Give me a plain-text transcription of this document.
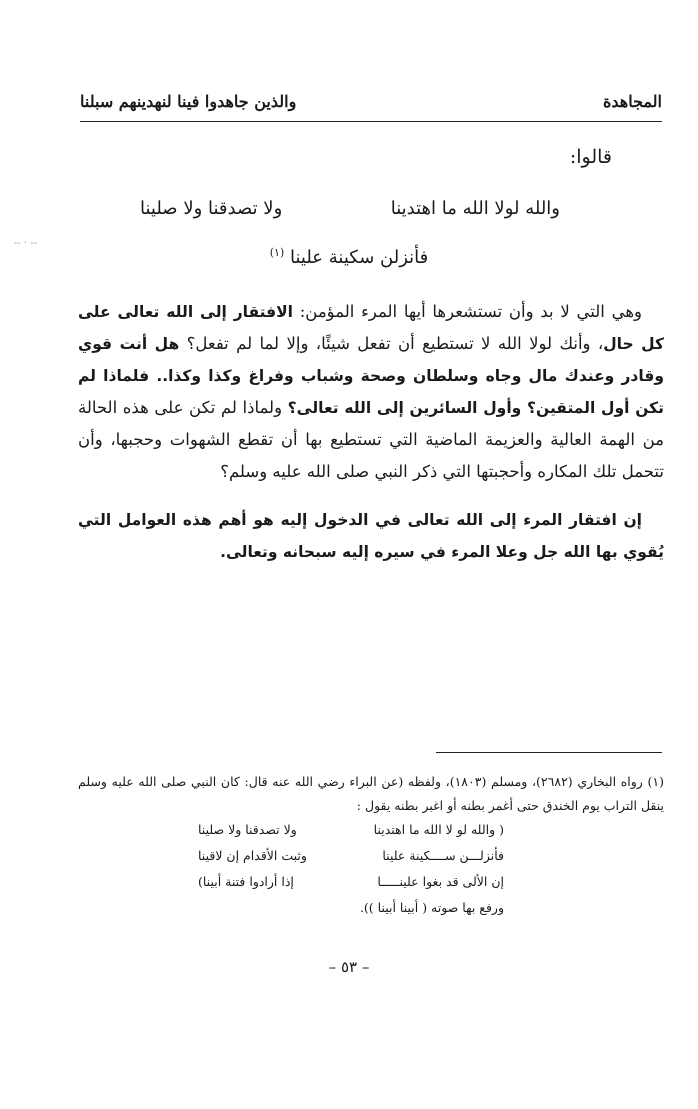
المجاهدة
والذين جاهدوا فينا لنهدينهم سبلنا
قالوا:
والله لولا الله ما اهتدينا
ولا تصدقنا ولا صلينا
فأنزلن سكينة علينا $^{(١)}$
-- · --

وهي التي لا بد وأن تستشعرها أيها المرء المؤمن: الافتقار إلى الله تعالى على كل حال، وأنك لولا الله لا تستطيع أن تفعل شيئًا، وإلا لما لم تفعل؟ هل أنت قوي وقادر وعندك مال وجاه وسلطان وصحة وشباب وفراغ وكذا وكذا.. فلماذا لم تكن أول المتقين؟ وأول السائرين إلى الله تعالى؟ ولماذا لم تكن على هذه الحالة من الهمة العالية والعزيمة الماضية التي تستطيع بها أن تقطع الشهوات وحجبها، وأن تتحمل تلك المكاره وأحجبتها التي ذكر النبي صلى الله عليه وسلم؟

إن افتقار المرء إلى الله تعالى في الدخول إليه هو أهم هذه العوامل التي يُقوي بها الله جل وعلا المرء في سيره إليه سبحانه وتعالى.

(١) رواه البخاري (٢٦٨٢)، ومسلم (١٨٠٣)، ولفظه (عن البراء رضي الله عنه قال: كان النبي صلى الله عليه وسلم ينقل التراب يوم الخندق حتى أغمر بطنه أو اغبر بطنه يقول :

( والله لو لا الله ما اهتدينا
ولا تصدقنا ولا صلينا
فأنزلـــن ســــكينة علينا
وثبت الأقدام إن لاقينا
إن الألى قد بغوا علينـــــا
إذا أرادوا فتنة أبينا)
ورفع بها صوته ( أبينا أبينا )).
– ٥٣ –
